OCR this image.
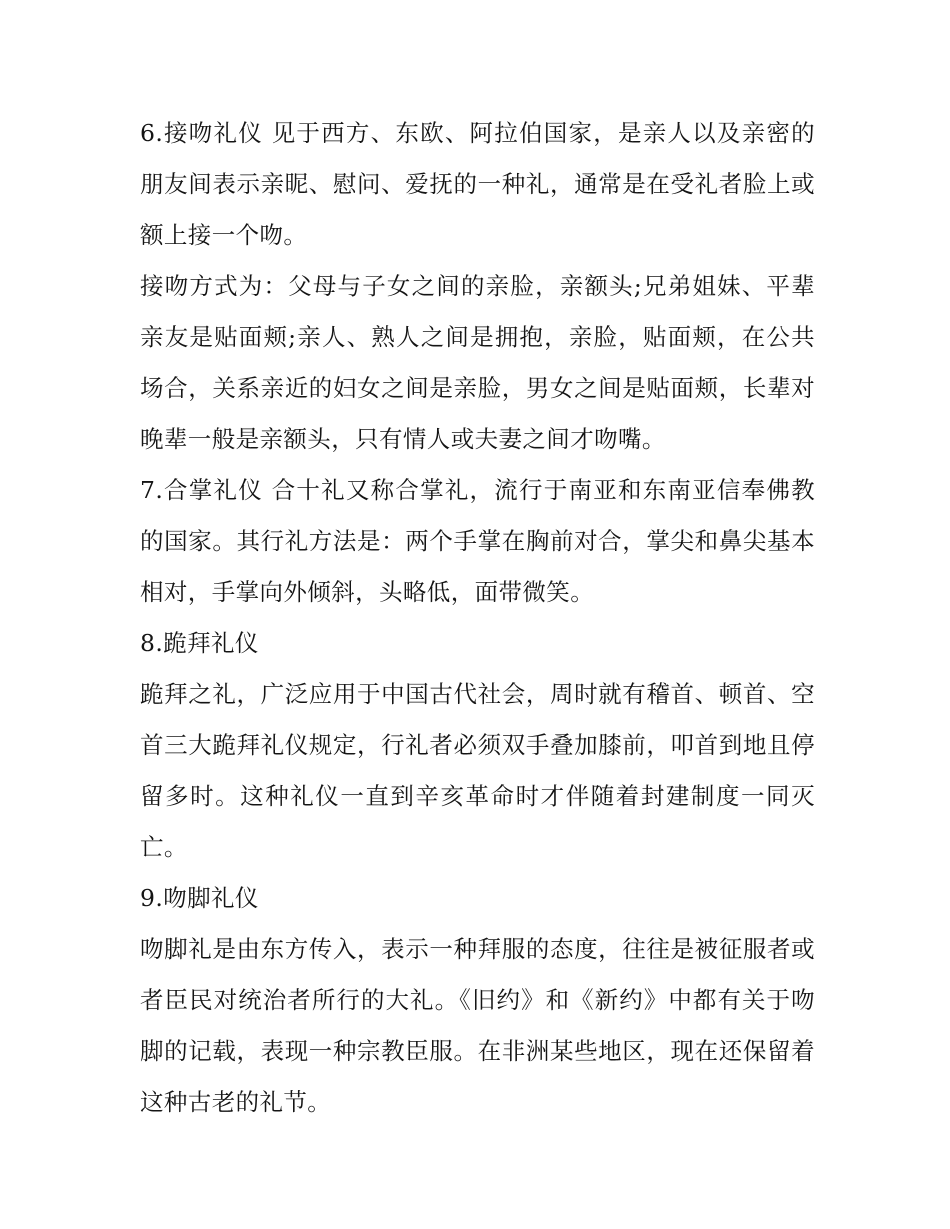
6.接吻礼仪 见于西方、东欧、阿拉伯国家，是亲人以及亲密的朋友间表示亲昵、慰问、爱抚的一种礼，通常是在受礼者脸上或额上接一个吻。

接吻方式为：父母与子女之间的亲脸，亲额头;兄弟姐妹、平辈亲友是贴面颊;亲人、熟人之间是拥抱，亲脸，贴面颊，在公共场合，关系亲近的妇女之间是亲脸，男女之间是贴面颊，长辈对晚辈一般是亲额头，只有情人或夫妻之间才吻嘴。

7.合掌礼仪 合十礼又称合掌礼，流行于南亚和东南亚信奉佛教的国家。其行礼方法是：两个手掌在胸前对合，掌尖和鼻尖基本相对，手掌向外倾斜，头略低，面带微笑。

8.跪拜礼仪

跪拜之礼，广泛应用于中国古代社会，周时就有稽首、顿首、空首三大跪拜礼仪规定，行礼者必须双手叠加膝前，叩首到地且停留多时。这种礼仪一直到辛亥革命时才伴随着封建制度一同灭亡。

9.吻脚礼仪

吻脚礼是由东方传入，表示一种拜服的态度，往往是被征服者或者臣民对统治者所行的大礼。《旧约》和《新约》中都有关于吻脚的记载，表现一种宗教臣服。在非洲某些地区，现在还保留着这种古老的礼节。
